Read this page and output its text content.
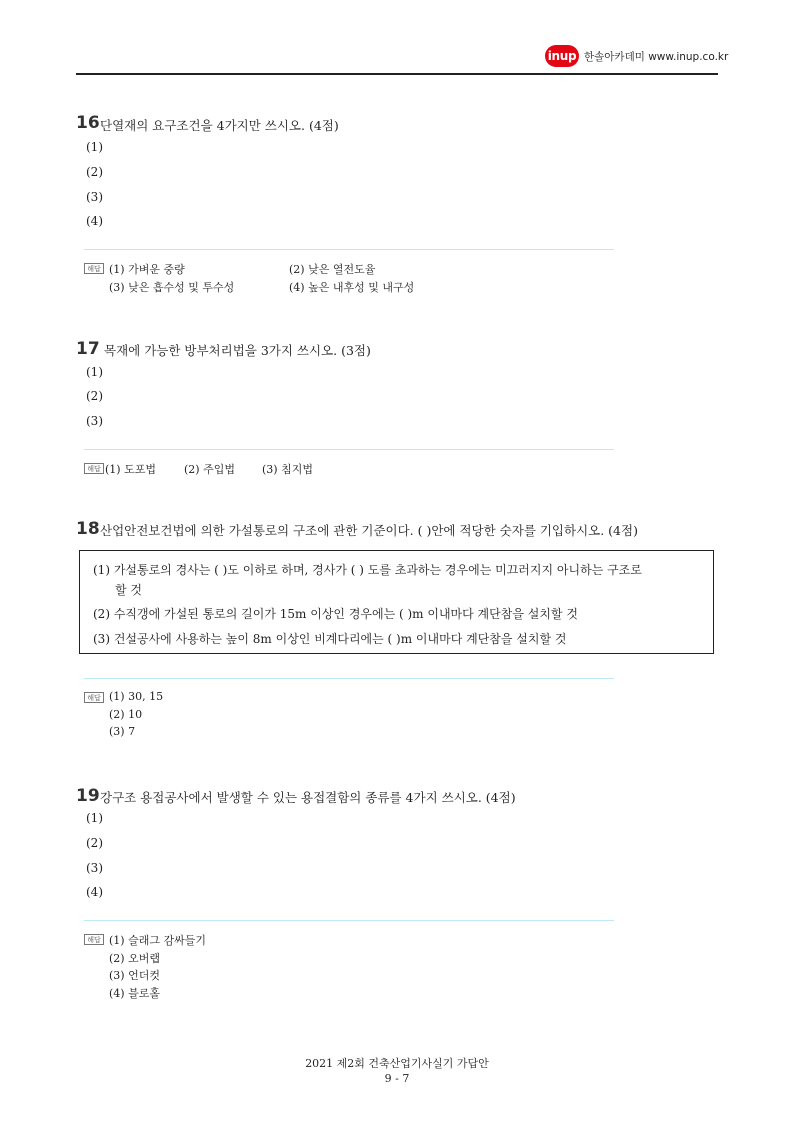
inup 한솔아카데미 www.inup.co.kr
16 단열재의 요구조건을 4가지만 쓰시오. (4점)
(1)
(2)
(3)
(4)
해답 (1) 가벼운 중량	(2) 낮은 열전도율
(3) 낮은 흡수성 및 투수성	(4) 높은 내후성 및 내구성
17 목재에 가능한 방부처리법을 3가지 쓰시오. (3점)
(1)
(2)
(3)
해답 (1) 도포법	(2) 주입법 (3) 침지법
18 산업안전보건법에 의한 가설통로의 구조에 관한 기준이다. ( )안에 적당한 숫자를 기입하시오. (4점)
(1) 가설통로의 경사는 ( )도 이하로 하며, 경사가 ( ) 도를 초과하는 경우에는 미끄러지지 아니하는 구조로
할 것
(2) 수직갱에 가설된 통로의 길이가 15m 이상인 경우에는 ( )m 이내마다 계단참을 설치할 것
(3) 건설공사에 사용하는 높이 8m 이상인 비계다리에는 ( )m 이내마다 계단참을 설치할 것
해답 (1) 30, 15
(2) 10
(3) 7
19 강구조 용접공사에서 발생할 수 있는 용접결함의 종류를 4가지 쓰시오. (4점)
(1)
(2)
(3)
(4)
해답 (1) 슬래그 감싸들기
(2) 오버랩
(3) 언더컷
(4) 블로홀
2021 제2회 건축산업기사실기 가답안
9 - 7
